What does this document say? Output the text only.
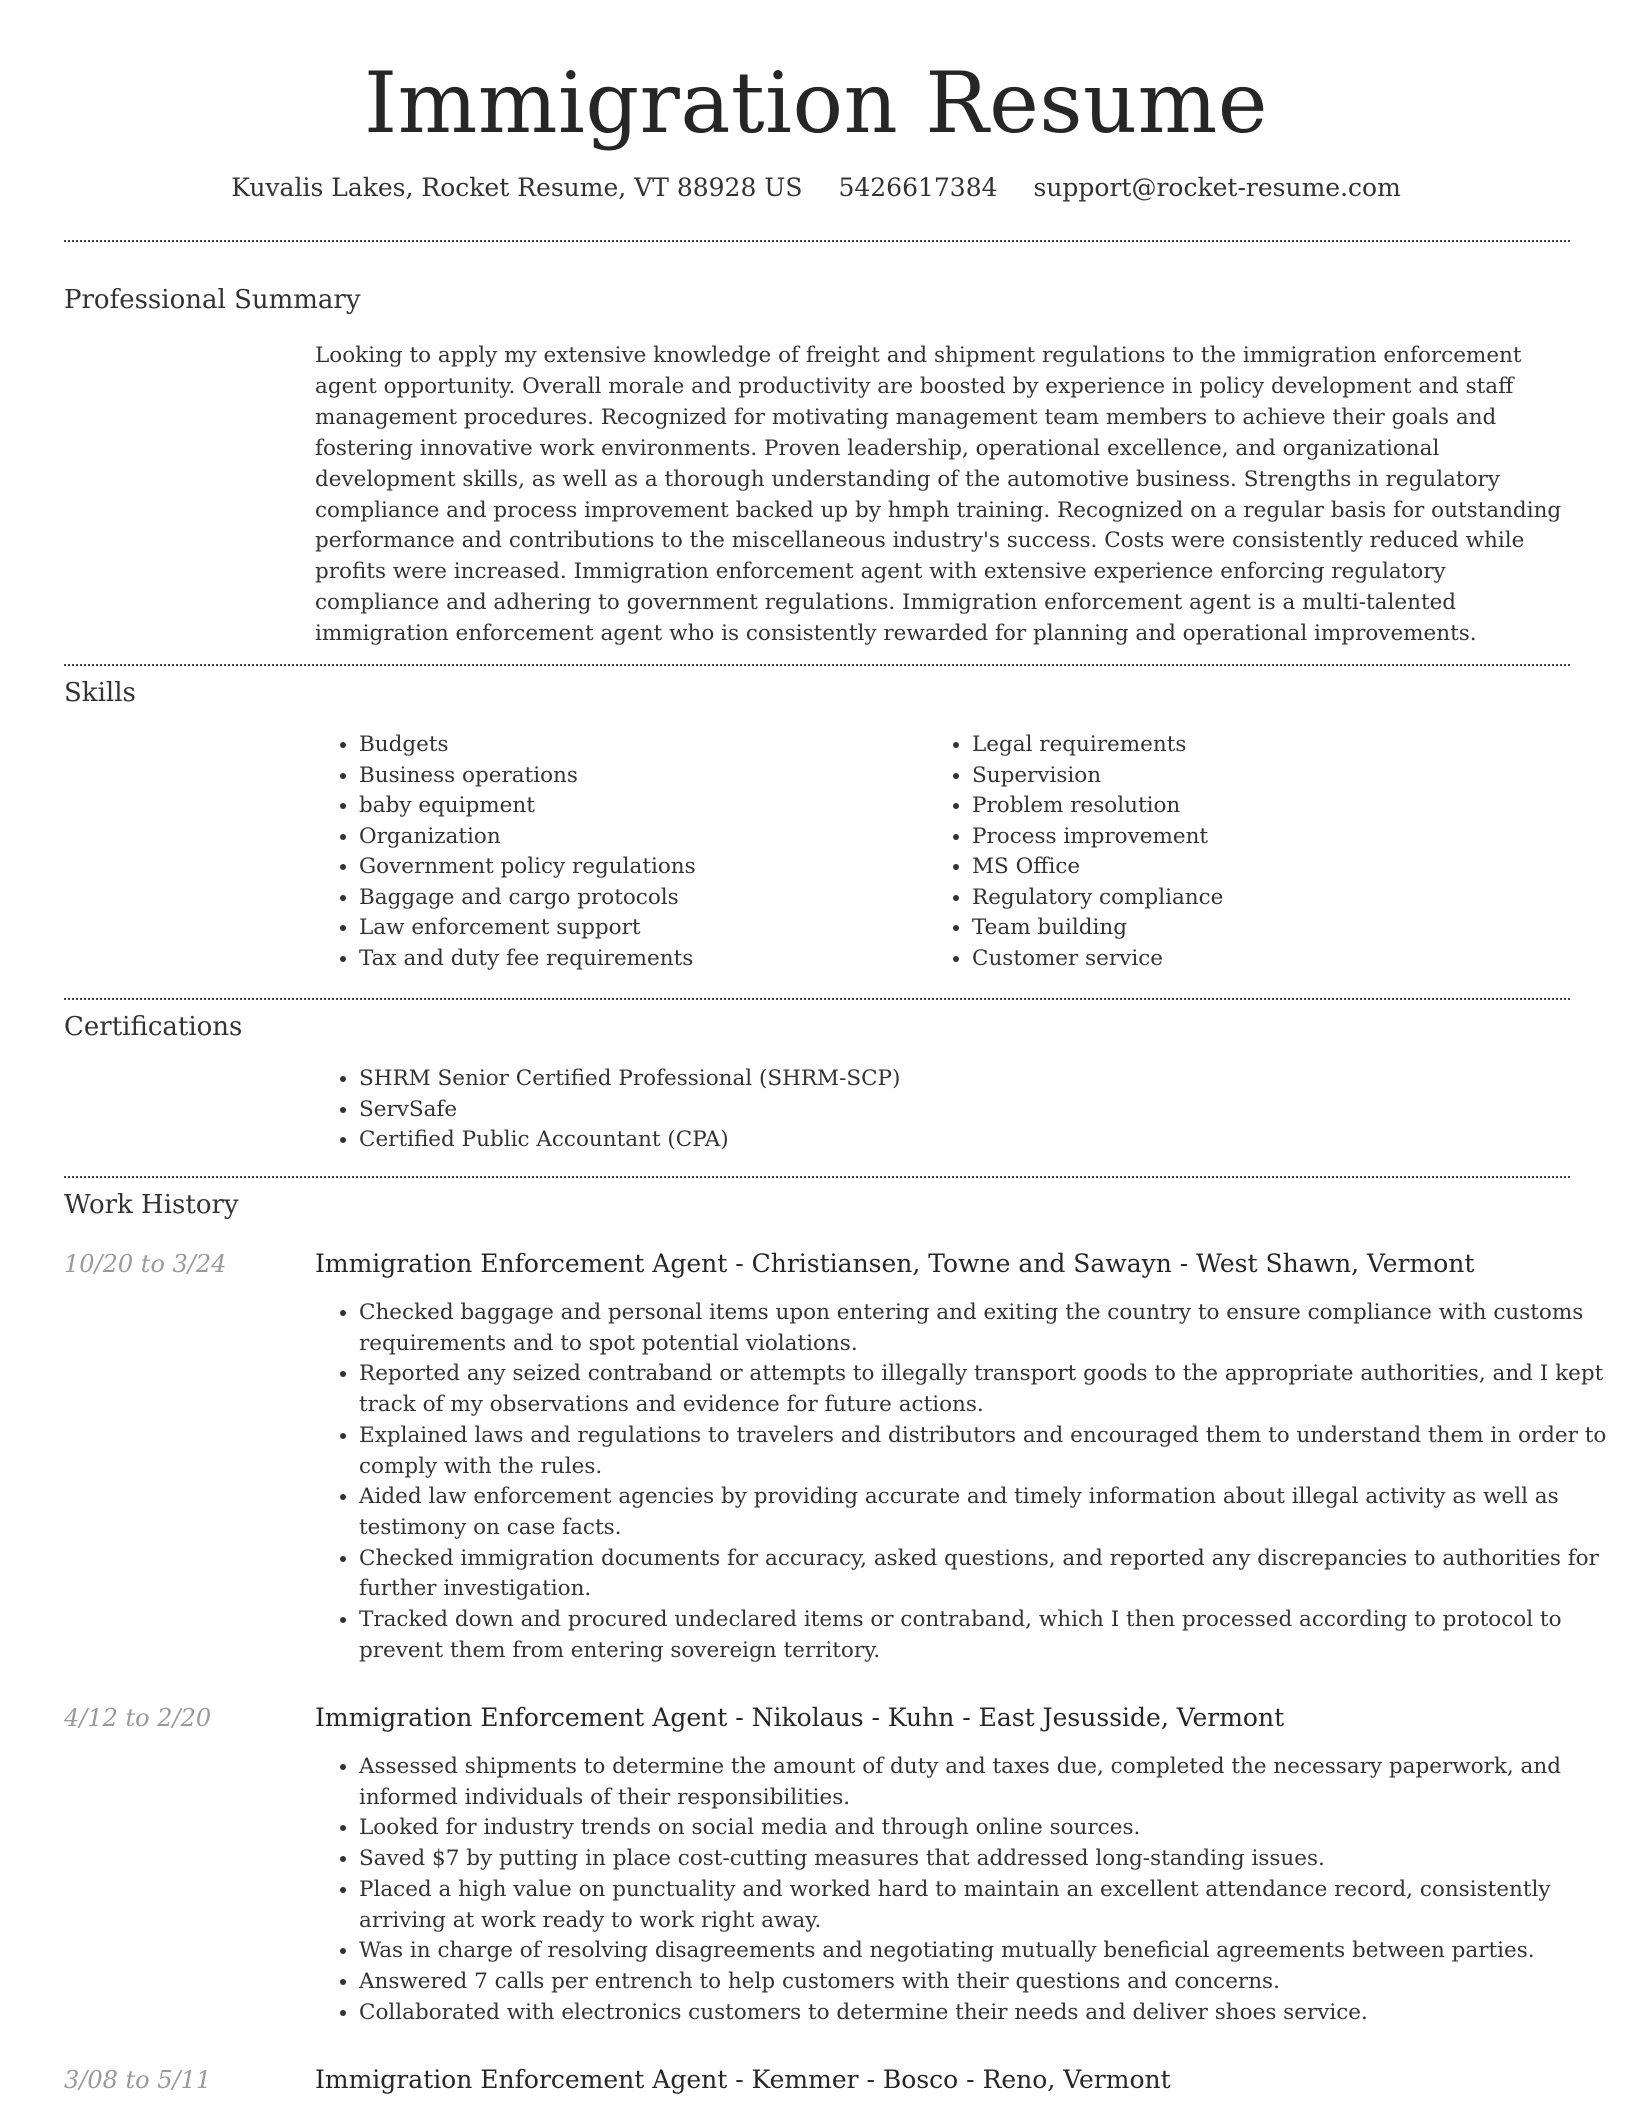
Immigration Resume
Kuvalis Lakes, Rocket Resume, VT 88928 US 5426617384 support@rocket-resume.com
Professional Summary

Looking to apply my extensive knowledge of freight and shipment regulations to the immigration enforcement agent opportunity. Overall morale and productivity are boosted by experience in policy development and staff management procedures. Recognized for motivating management team members to achieve their goals and fostering innovative work environments. Proven leadership, operational excellence, and organizational development skills, as well as a thorough understanding of the automotive business. Strengths in regulatory compliance and process improvement backed up by hmph training. Recognized on a regular basis for outstanding performance and contributions to the miscellaneous industry's success. Costs were consistently reduced while profits were increased. Immigration enforcement agent with extensive experience enforcing regulatory compliance and adhering to government regulations. Immigration enforcement agent is a multi-talented immigration enforcement agent who is consistently rewarded for planning and operational improvements.

Skills
• Budgets
• Business operations
• baby equipment
• Organization
• Government policy regulations
• Baggage and cargo protocols
• Law enforcement support
• Tax and duty fee requirements
• Legal requirements
• Supervision
• Problem resolution
• Process improvement
• MS Office
• Regulatory compliance
• Team building
• Customer service
Certifications
• SHRM Senior Certified Professional (SHRM-SCP)
• ServSafe
• Certified Public Accountant (CPA)
Work History
10/20 to 3/24	Immigration Enforcement Agent - Christiansen, Towne and Sawayn - West Shawn, Vermont
• Checked baggage and personal items upon entering and exiting the country to ensure compliance with customs requirements and to spot potential violations.
• Reported any seized contraband or attempts to illegally transport goods to the appropriate authorities, and I kept track of my observations and evidence for future actions.
• Explained laws and regulations to travelers and distributors and encouraged them to understand them in order to comply with the rules.
• Aided law enforcement agencies by providing accurate and timely information about illegal activity as well as testimony on case facts.
• Checked immigration documents for accuracy, asked questions, and reported any discrepancies to authorities for further investigation.
• Tracked down and procured undeclared items or contraband, which I then processed according to protocol to prevent them from entering sovereign territory.
4/12 to 2/20	Immigration Enforcement Agent - Nikolaus - Kuhn - East Jesusside, Vermont
• Assessed shipments to determine the amount of duty and taxes due, completed the necessary paperwork, and informed individuals of their responsibilities.
• Looked for industry trends on social media and through online sources.
• Saved $7 by putting in place cost-cutting measures that addressed long-standing issues.
• Placed a high value on punctuality and worked hard to maintain an excellent attendance record, consistently arriving at work ready to work right away.
• Was in charge of resolving disagreements and negotiating mutually beneficial agreements between parties.
• Answered 7 calls per entrench to help customers with their questions and concerns.
• Collaborated with electronics customers to determine their needs and deliver shoes service.
3/08 to 5/11	Immigration Enforcement Agent - Kemmer - Bosco - Reno, Vermont
